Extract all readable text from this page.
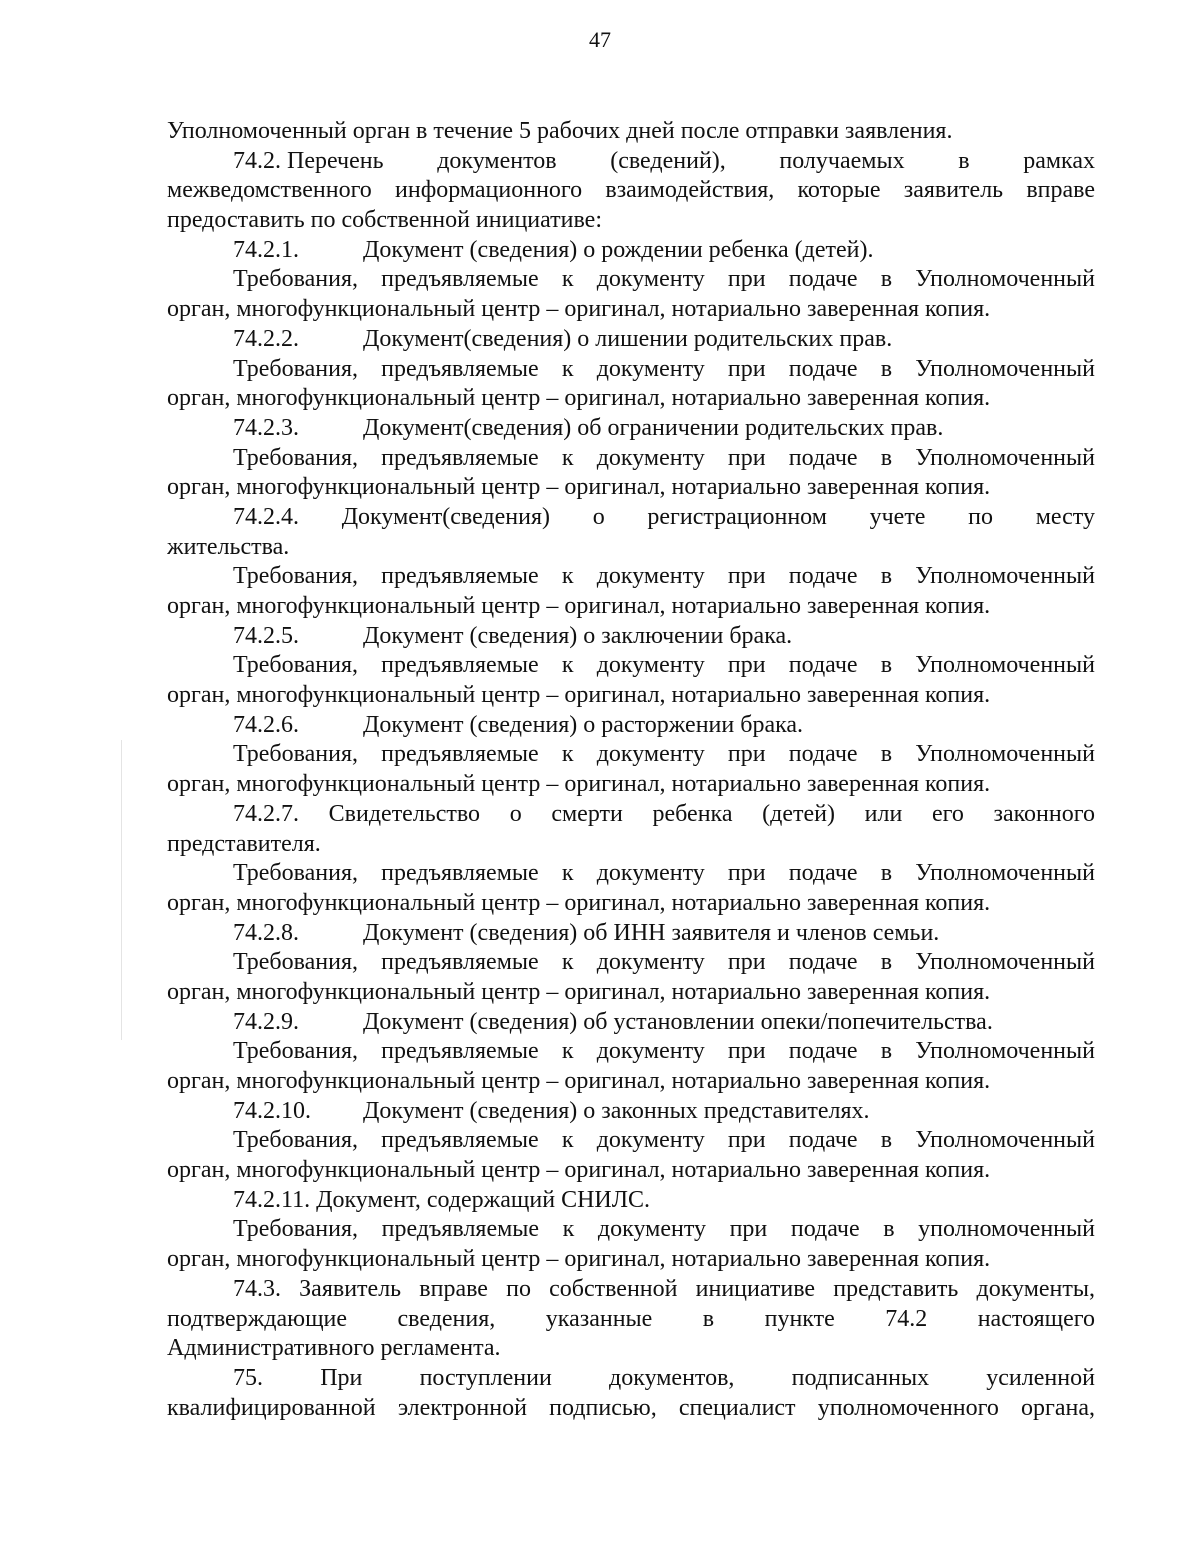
47
Уполномоченный орган в течение 5 рабочих дней после отправки заявления.
74.2. Перечень документов (сведений), получаемых в рамках
межведомственного информационного взаимодействия, которые заявитель вправе
предоставить по собственной инициативе:
74.2.1.	Документ (сведения) о рождении ребенка (детей).
Требования, предъявляемые к документу при подаче в Уполномоченный
орган, многофункциональный центр – оригинал, нотариально заверенная копия.
74.2.2.	Документ(сведения) о лишении родительских прав.
Требования, предъявляемые к документу при подаче в Уполномоченный
орган, многофункциональный центр – оригинал, нотариально заверенная копия.
74.2.3.	Документ(сведения) об ограничении родительских прав.
Требования, предъявляемые к документу при подаче в Уполномоченный
орган, многофункциональный центр – оригинал, нотариально заверенная копия.
74.2.4. Документ(сведения) о регистрационном учете по месту
жительства.
Требования, предъявляемые к документу при подаче в Уполномоченный
орган, многофункциональный центр – оригинал, нотариально заверенная копия.
74.2.5.	Документ (сведения) о заключении брака.
Требования, предъявляемые к документу при подаче в Уполномоченный
орган, многофункциональный центр – оригинал, нотариально заверенная копия.
74.2.6.	Документ (сведения) о расторжении брака.
Требования, предъявляемые к документу при подаче в Уполномоченный
орган, многофункциональный центр – оригинал, нотариально заверенная копия.
74.2.7. Свидетельство о смерти ребенка (детей) или его законного
представителя.
Требования, предъявляемые к документу при подаче в Уполномоченный
орган, многофункциональный центр – оригинал, нотариально заверенная копия.
74.2.8.	Документ (сведения) об ИНН заявителя и членов семьи.
Требования, предъявляемые к документу при подаче в Уполномоченный
орган, многофункциональный центр – оригинал, нотариально заверенная копия.
74.2.9.	Документ (сведения) об установлении опеки/попечительства.
Требования, предъявляемые к документу при подаче в Уполномоченный
орган, многофункциональный центр – оригинал, нотариально заверенная копия.
74.2.10. Документ (сведения) о законных представителях.
Требования, предъявляемые к документу при подаче в Уполномоченный
орган, многофункциональный центр – оригинал, нотариально заверенная копия.
74.2.11. Документ, содержащий СНИЛС.
Требования, предъявляемые к документу при подаче в уполномоченный
орган, многофункциональный центр – оригинал, нотариально заверенная копия.
74.3. Заявитель вправе по собственной инициативе представить документы,
подтверждающие сведения, указанные в пункте 74.2 настоящего
Административного регламента.
75. При поступлении документов, подписанных усиленной
квалифицированной электронной подписью, специалист уполномоченного органа,
